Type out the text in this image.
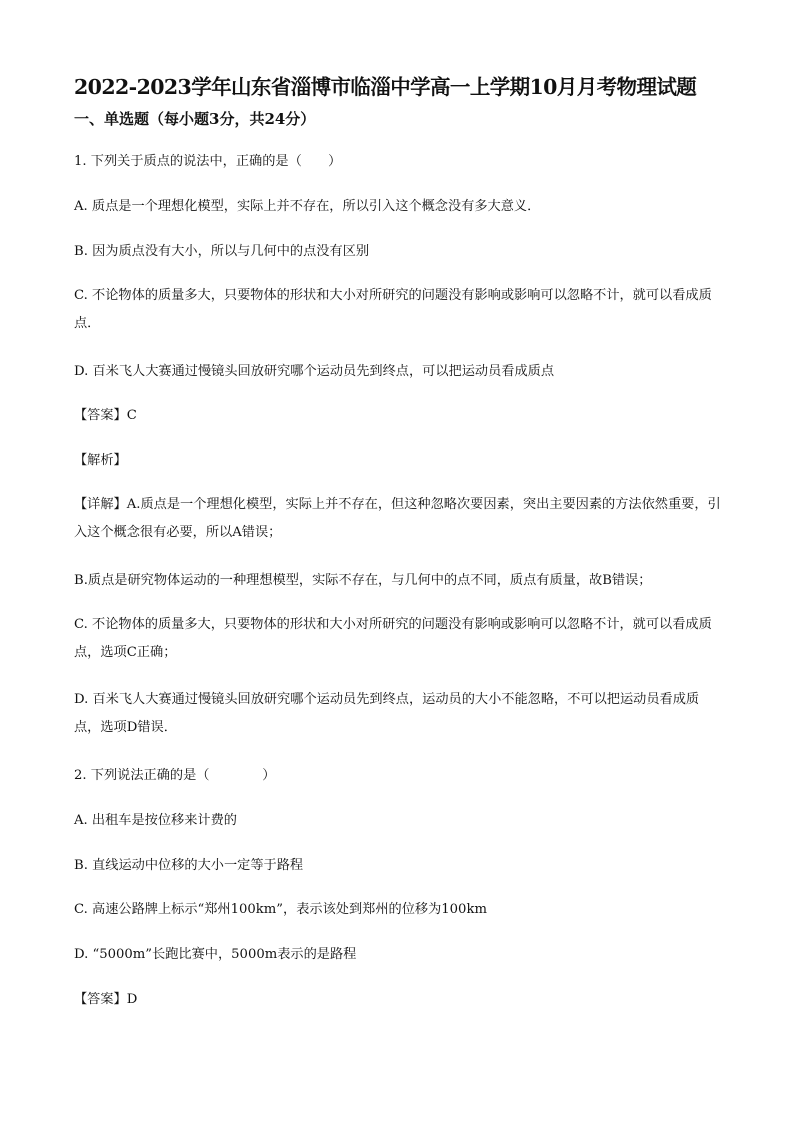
2022-2023学年山东省淄博市临淄中学高一上学期10月月考物理试题
一、单选题（每小题3分，共24分）
1. 下列关于质点的说法中，正确的是（　　）
A. 质点是一个理想化模型，实际上并不存在，所以引入这个概念没有多大意义．
B. 因为质点没有大小，所以与几何中的点没有区别
C. 不论物体的质量多大，只要物体的形状和大小对所研究的问题没有影响或影响可以忽略不计，就可以看成质点．
D. 百米飞人大赛通过慢镜头回放研究哪个运动员先到终点，可以把运动员看成质点
【答案】C
【解析】
【详解】A.质点是一个理想化模型，实际上并不存在，但这种忽略次要因素，突出主要因素的方法依然重要，引入这个概念很有必要，所以A错误；
B.质点是研究物体运动的一种理想模型，实际不存在，与几何中的点不同，质点有质量，故B错误；
C. 不论物体的质量多大，只要物体的形状和大小对所研究的问题没有影响或影响可以忽略不计，就可以看成质点，选项C正确；
D. 百米飞人大赛通过慢镜头回放研究哪个运动员先到终点，运动员的大小不能忽略，不可以把运动员看成质点，选项D错误．
2. 下列说法正确的是（　　　　）
A. 出租车是按位移来计费的
B. 直线运动中位移的大小一定等于路程
C. 高速公路牌上标示“郑州100km”，表示该处到郑州的位移为100km
D. “5000m”长跑比赛中，5000m表示的是路程
【答案】D
